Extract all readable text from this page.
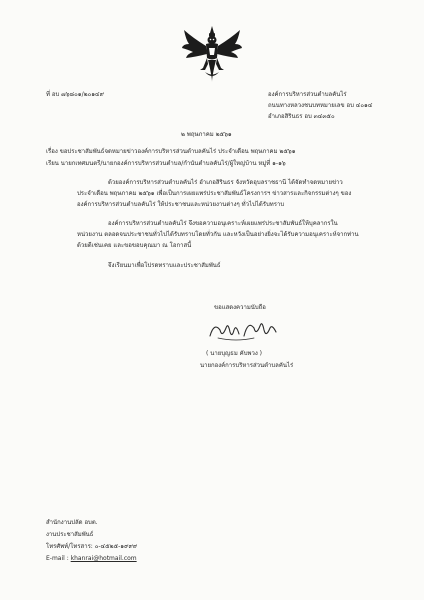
ที่ อบ ๗๖๘๐๑/๒๐๑๔๙	องค์การบริหารส่วนตำบลคันไร่
ถนนทางหลวงชนบทหมายเลข อบ ๔๐๑๔
อำเภอสิรินธร อบ ๓๔๓๕๐
๒ พฤษภาคม ๒๕๖๑
เรื่อง ขอประชาสัมพันธ์จดหมายข่าวองค์การบริหารส่วนตำบลคันไร่ ประจำเดือน พฤษภาคม ๒๕๖๑
เรียน นายกเทศมนตรี/นายกองค์การบริหารส่วนตำบล/กำนันตำบลคันไร่/ผู้ใหญ่บ้าน หมู่ที่ ๑-๑๖
ด้วยองค์การบริหารส่วนตำบลคันไร่ อำเภอสิรินธร จังหวัดอุบลราชธานี ได้จัดทำจดหมายข่าว
ประจำเดือน พฤษภาคม ๒๕๖๑ เพื่อเป็นการเผยแพร่ประชาสัมพันธ์โครงการฯ ข่าวสารและกิจกรรมต่างๆ ของ
องค์การบริหารส่วนตำบลคันไร่ ให้ประชาชนและหน่วยงานต่างๆ ทั่วไปได้รับทราบ
องค์การบริหารส่วนตำบลคันไร่ จึงขอความอนุเคราะห์เผยแพร่ประชาสัมพันธ์ให้บุคลากรใน
หน่วยงาน ตลอดจนประชาชนทั่วไปได้รับทราบโดยทั่วกัน และหวังเป็นอย่างยิ่งจะได้รับความอนุเคราะห์จากท่าน
ด้วยดีเช่นเคย และขอขอบคุณมา ณ โอกาสนี้
จึงเรียนมาเพื่อโปรดทราบและประชาสัมพันธ์
ขอแสดงความนับถือ
( นายบุญธม คับพวง )
นายกองค์การบริหารส่วนตำบลคันไร่
สำนักงานปลัด อบต.
งานประชาสัมพันธ์
โทรศัพท์/โทรสาร: ๐-๔๕๒๕-๑๙๙๙
E-mail : khanrai@hotmail.com
